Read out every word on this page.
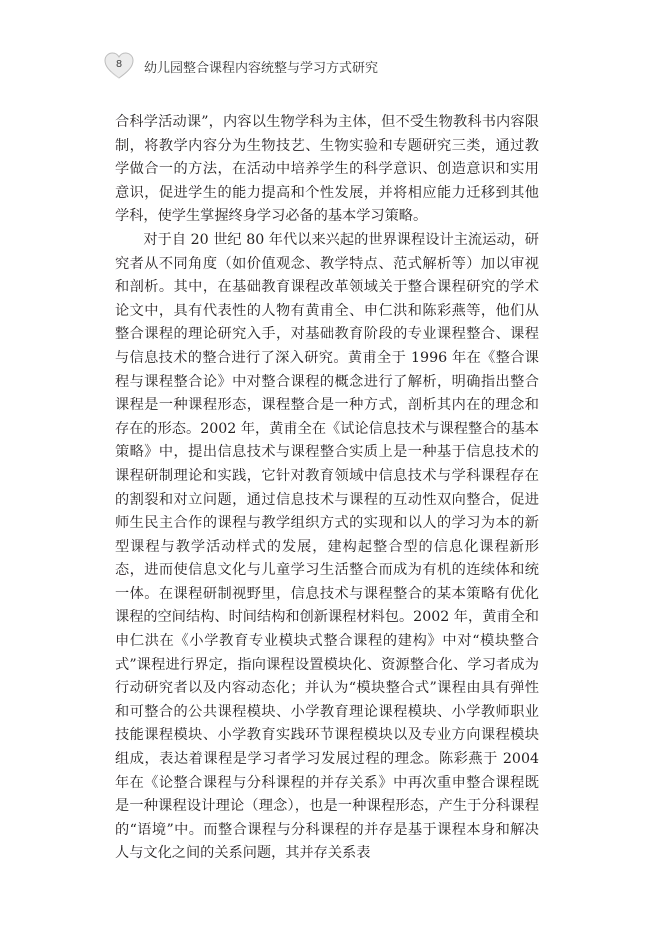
8	幼儿园整合课程内容统整与学习方式研究

合科学活动课”，内容以生物学科为主体，但不受生物教科书内容限制，将教学内容分为生物技艺、生物实验和专题研究三类，通过教学做合一的方法，在活动中培养学生的科学意识、创造意识和实用意识，促进学生的能力提高和个性发展，并将相应能力迁移到其他学科，使学生掌握终身学习必备的基本学习策略。

对于自 20 世纪 80 年代以来兴起的世界课程设计主流运动，研究者从不同角度（如价值观念、教学特点、范式解析等）加以审视和剖析。其中，在基础教育课程改革领域关于整合课程研究的学术论文中，具有代表性的人物有黄甫全、申仁洪和陈彩燕等，他们从整合课程的理论研究入手，对基础教育阶段的专业课程整合、课程与信息技术的整合进行了深入研究。黄甫全于 1996 年在《整合课程与课程整合论》中对整合课程的概念进行了解析，明确指出整合课程是一种课程形态，课程整合是一种方式，剖析其内在的理念和存在的形态。2002 年，黄甫全在《试论信息技术与课程整合的基本策略》中，提出信息技术与课程整合实质上是一种基于信息技术的课程研制理论和实践，它针对教育领域中信息技术与学科课程存在的割裂和对立问题，通过信息技术与课程的互动性双向整合，促进师生民主合作的课程与教学组织方式的实现和以人的学习为本的新型课程与教学活动样式的发展，建构起整合型的信息化课程新形态，进而使信息文化与儿童学习生活整合而成为有机的连续体和统一体。在课程研制视野里，信息技术与课程整合的某本策略有优化课程的空间结构、时间结构和创新课程材料包。2002 年，黄甫全和申仁洪在《小学教育专业模块式整合课程的建构》中对“模块整合式”课程进行界定，指向课程设置模块化、资源整合化、学习者成为行动研究者以及内容动态化；并认为“模块整合式”课程由具有弹性和可整合的公共课程模块、小学教育理论课程模块、小学教师职业技能课程模块、小学教育实践环节课程模块以及专业方向课程模块组成，表达着课程是学习者学习发展过程的理念。陈彩燕于 2004 年在《论整合课程与分科课程的并存关系》中再次重申整合课程既是一种课程设计理论（理念），也是一种课程形态，产生于分科课程的“语境”中。而整合课程与分科课程的并存是基于课程本身和解决人与文化之间的关系问题，其并存关系表
